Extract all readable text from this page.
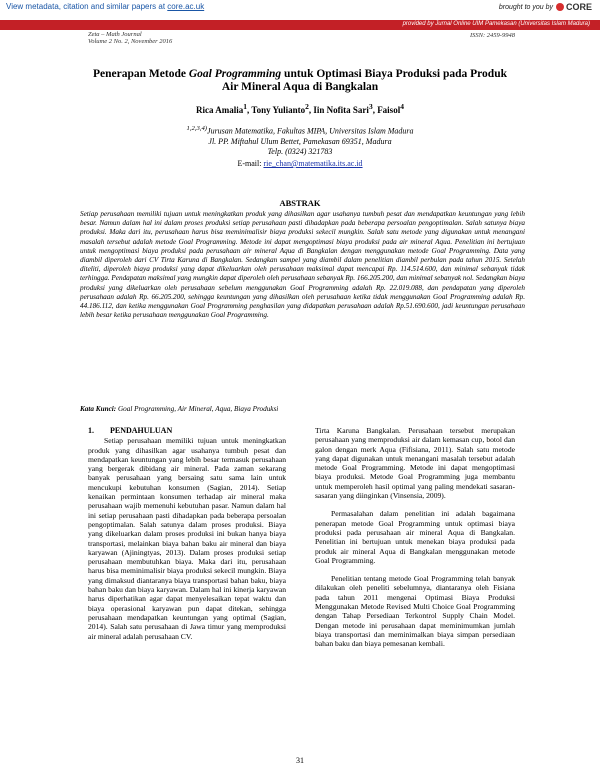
View metadata, citation and similar papers at core.ac.uk	brought to you by CORE
provided by Jurnal Online UIM Pamekasan (Universitas Islam Madura)
Zeta – Math Journal
Volume 2 No. 2, November 2016
ISSN: 2459-9948
Penerapan Metode Goal Programming untuk Optimasi Biaya Produksi pada Produk
Air Mineral Aqua di Bangkalan
Rica Amalia$^1$, Tony Yulianto$^2$, Iin Nofita Sari$^3$, Faisol$^4$
$^{1,2,3,4)}$Jurusan Matematika, Fakultas MIPA, Universitas Islam Madura
Jl. PP. Miftahul Ulum Bettet, Pamekasan 69351, Madura
Telp. (0324) 321783
E-mail: rie_chan@matematika.its.ac.id
ABSTRAK

Setiap perusahaan memiliki tujuan untuk meningkatkan produk yang dihasilkan agar usahanya tumbuh pesat dan mendapatkan keuntungan yang lebih besar. Namun dalam hal ini dalam proses produksi setiap perusahaan pasti dihadapkan pada beberapa persoalan pengoptimalan. Salah satunya biaya produksi. Maka dari itu, perusahaan harus bisa meminimalisir biaya produksi sekecil mungkin. Salah satu metode yang digunakan untuk menangani masalah tersebut adalah metode Goal Programming. Metode ini dapat mengoptimasi biaya produksi pada air mineral Aqua. Penelitian ini bertujuan untuk mengoptimasi biaya produksi pada perusahaan air mineral Aqua di Bangkalan dengan menggunakan metode Goal Programming. Data yang diambil diperoleh dari CV Tirta Karuna di Bangkalan. Sedangkan sampel yang diambil dalam penelitian diambil perbulan pada tahun 2015. Setelah diteliti, diperoleh biaya produksi yang dapat dikeluarkan oleh perusahaan maksimal dapat mencapai Rp. 114.514.600, dan minimal sebanyak tidak terhingga. Pendapatan maksimal yang mungkin dapat diperoleh oleh perusahaan sebanyak Rp. 166.205.200, dan minimal sebanyak nol. Sedangkan biaya produksi yang dikeluarkan oleh perusahaan sebelum menggunakan Goal Programming adalah Rp. 22.019.088, dan pendapatan yang diperoleh perusahaan adalah Rp. 66.205.200, sehingga keuntungan yang dihasilkan oleh perusahaan ketika tidak menggunakan Goal Programming adalah Rp. 44.186.112, dan ketika menggunakan Goal Programming penghasilan yang didapatkan perusahaan adalah Rp.51.690.600, jadi keuntungan perusahaan lebih besar ketika perusahaan menggunakan Goal Programming.

Kata Kunci: Goal Programming, Air Mineral, Aqua, Biaya Produksi
1. PENDAHULUAN

Setiap perusahaan memiliki tujuan untuk meningkatkan produk yang dihasilkan agar usahanya tumbuh pesat dan mendapatkan keuntungan yang lebih besar termasuk perusahaan yang bergerak dibidang air mineral. Pada zaman sekarang banyak perusahaan yang bersaing satu sama lain untuk mencukupi kebutuhan konsumen (Sagian, 2014). Setiap kenaikan permintaan konsumen terhadap air mineral maka perusahaan wajib memenuhi kebutuhan pasar. Namun dalam hal ini setiap perusahaan pasti dihadapkan pada beberapa persoalan pengoptimalan. Salah satunya dalam proses produksi. Biaya yang dikeluarkan dalam proses produksi ini bukan hanya biaya transportasi, melainkan biaya bahan baku air mineral dan biaya karyawan (Ajiningtyas, 2013). Dalam proses produksi setiap perusahaan membutuhkan biaya. Maka dari itu, perusahaan harus bisa meminimalisir biaya produksi sekecil mungkin. Biaya yang dimaksud diantaranya biaya transportasi bahan baku, biaya bahan baku dan biaya karyawan. Dalam hal ini kinerja karyawan harus diperhatikan agar dapat menyelesaikan tepat waktu dan biaya operasional karyawan pun dapat ditekan, sehingga perusahaan mendapatkan keuntungan yang optimal (Sagian, 2014). Salah satu perusahaan di Jawa timur yang memproduksi air mineral adalah perusahaan CV.

Tirta Karuna Bangkalan. Perusahaan tersebut merupakan perusahaan yang memproduksi air dalam kemasan cup, botol dan galon dengan merk Aqua (Fifisiana, 2011). Salah satu metode yang dapat digunakan untuk menangani masalah tersebut adalah metode Goal Programming. Metode ini dapat mengoptimasi biaya produksi. Metode Goal Programming juga membantu untuk memperoleh hasil optimal yang paling mendekati sasaran-sasaran yang diinginkan (Vinsensia, 2009).

Permasalahan dalam penelitian ini adalah bagaimana penerapan metode Goal Programming untuk optimasi biaya produksi pada perusahaan air mineral Aqua di Bangkalan. Penelitian ini bertujuan untuk menekan biaya produksi pada produk air mineral Aqua di Bangkalan menggunakan metode Goal Programming.

Penelitian tentang metode Goal Programming telah banyak dilakukan oleh peneliti sebelumnya, diantaranya oleh Fisiana pada tahun 2011 mengenai Optimasi Biaya Produksi Menggunakan Metode Revised Multi Choice Goal Programming dengan Tahap Persediaan Terkontrol Supply Chain Model. Dengan metode ini perusahaan dapat meminimumkan jumlah biaya transportasi dan meminimalkan biaya simpan persediaan bahan baku dan biaya pemesanan kembali.

31
